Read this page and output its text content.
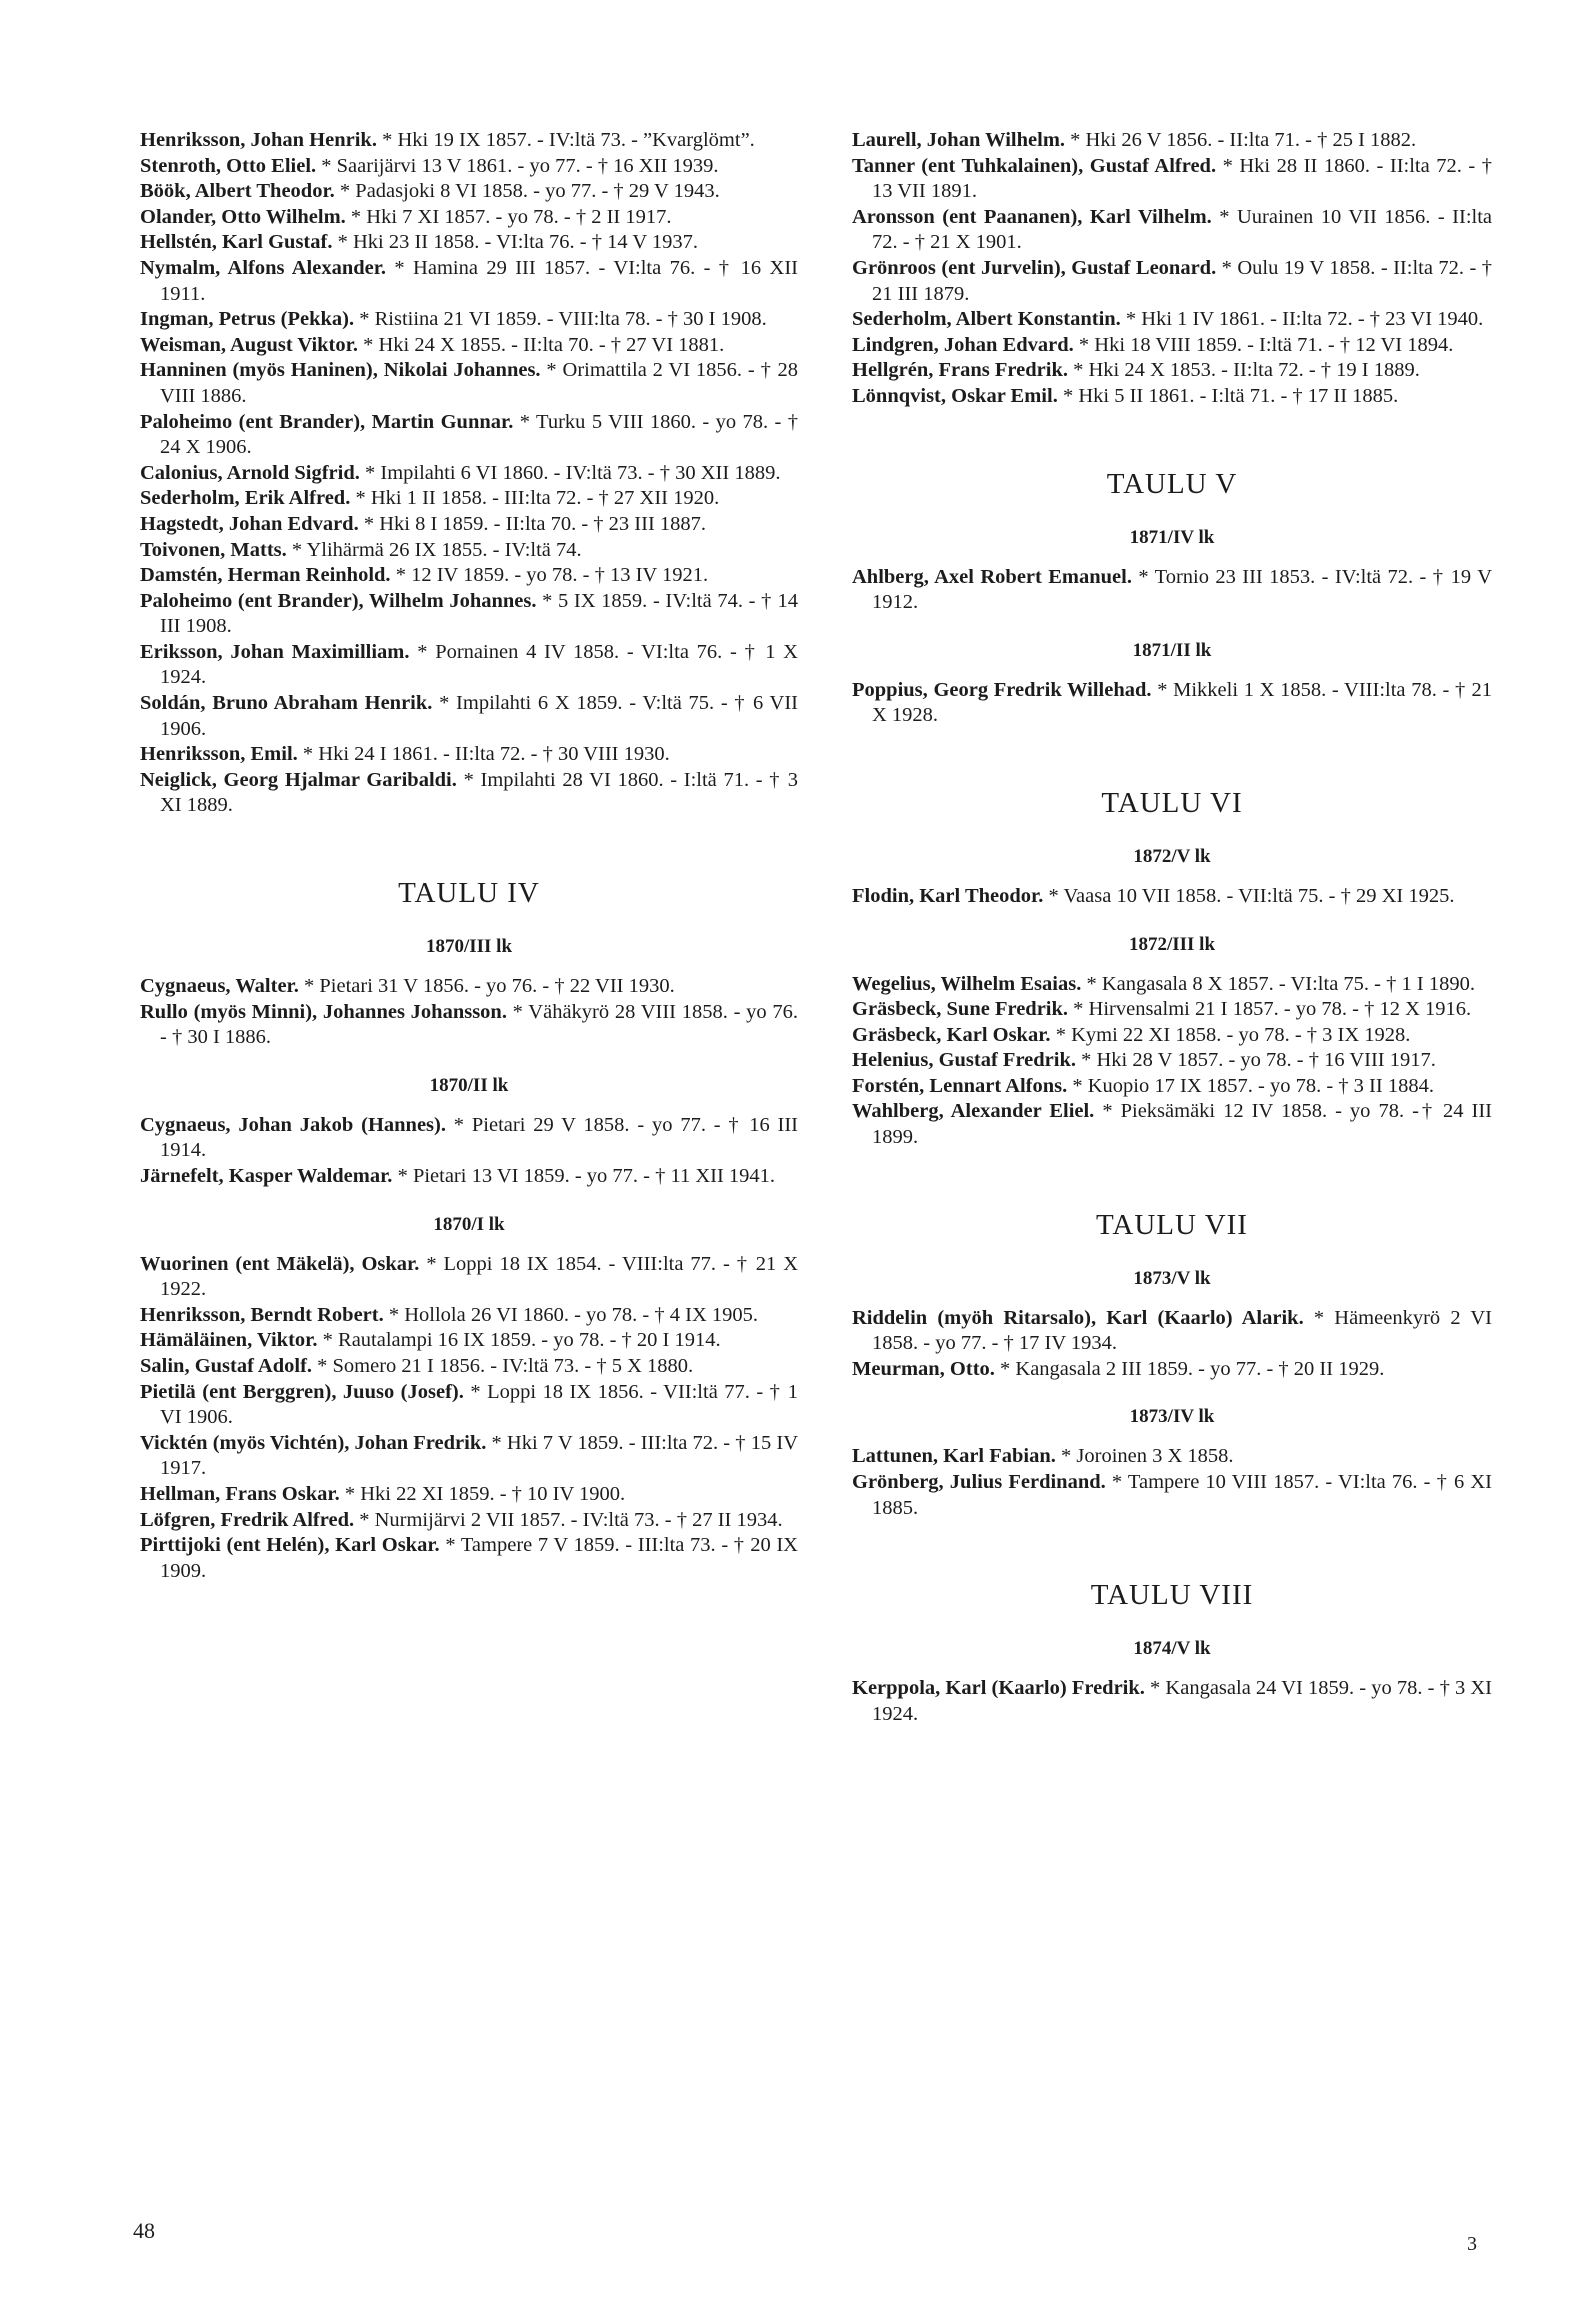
Henriksson, Johan Henrik. * Hki 19 IX 1857. - IV:ltä 73. - ”Kvarglömt”.

Stenroth, Otto Eliel. * Saarijärvi 13 V 1861. - yo 77. - † 16 XII 1939.

Böök, Albert Theodor. * Padasjoki 8 VI 1858. - yo 77. - † 29 V 1943.

Olander, Otto Wilhelm. * Hki 7 XI 1857. - yo 78. - † 2 II 1917.

Hellstén, Karl Gustaf. * Hki 23 II 1858. - VI:lta 76. - † 14 V 1937.

Nymalm, Alfons Alexander. * Hamina 29 III 1857. - VI:lta 76. - † 16 XII 1911.

Ingman, Petrus (Pekka). * Ristiina 21 VI 1859. - VIII:lta 78. - † 30 I 1908.

Weisman, August Viktor. * Hki 24 X 1855. - II:lta 70. - † 27 VI 1881.

Hanninen (myös Haninen), Nikolai Johannes. * Orimattila 2 VI 1856. - † 28 VIII 1886.

Paloheimo (ent Brander), Martin Gunnar. * Turku 5 VIII 1860. - yo 78. - † 24 X 1906.

Calonius, Arnold Sigfrid. * Impilahti 6 VI 1860. - IV:ltä 73. - † 30 XII 1889.

Sederholm, Erik Alfred. * Hki 1 II 1858. - III:lta 72. - † 27 XII 1920.

Hagstedt, Johan Edvard. * Hki 8 I 1859. - II:lta 70. - † 23 III 1887.

Toivonen, Matts. * Ylihärmä 26 IX 1855. - IV:ltä 74.

Damstén, Herman Reinhold. * 12 IV 1859. - yo 78. - † 13 IV 1921.

Paloheimo (ent Brander), Wilhelm Johannes. * 5 IX 1859. - IV:ltä 74. - † 14 III 1908.

Eriksson, Johan Maximilliam. * Pornainen 4 IV 1858. - VI:lta 76. - † 1 X 1924.

Soldán, Bruno Abraham Henrik. * Impilahti 6 X 1859. - V:ltä 75. - † 6 VII 1906.

Henriksson, Emil. * Hki 24 I 1861. - II:lta 72. - † 30 VIII 1930.

Neiglick, Georg Hjalmar Garibaldi. * Impilahti 28 VI 1860. - I:ltä 71. - † 3 XI 1889.

TAULU IV
1870/III lk

Cygnaeus, Walter. * Pietari 31 V 1856. - yo 76. - † 22 VII 1930.

Rullo (myös Minni), Johannes Johansson. * Vähäkyrö 28 VIII 1858. - yo 76. - † 30 I 1886.

1870/II lk

Cygnaeus, Johan Jakob (Hannes). * Pietari 29 V 1858. - yo 77. - † 16 III 1914.

Järnefelt, Kasper Waldemar. * Pietari 13 VI 1859. - yo 77. - † 11 XII 1941.

1870/I lk

Wuorinen (ent Mäkelä), Oskar. * Loppi 18 IX 1854. - VIII:lta 77. - † 21 X 1922.

Henriksson, Berndt Robert. * Hollola 26 VI 1860. - yo 78. - † 4 IX 1905.

Hämäläinen, Viktor. * Rautalampi 16 IX 1859. - yo 78. - † 20 I 1914.

Salin, Gustaf Adolf. * Somero 21 I 1856. - IV:ltä 73. - † 5 X 1880.

Pietilä (ent Berggren), Juuso (Josef). * Loppi 18 IX 1856. - VII:ltä 77. - † 1 VI 1906.

Vicktén (myös Vichtén), Johan Fredrik. * Hki 7 V 1859. - III:lta 72. - † 15 IV 1917.

Hellman, Frans Oskar. * Hki 22 XI 1859. - † 10 IV 1900.

Löfgren, Fredrik Alfred. * Nurmijärvi 2 VII 1857. - IV:ltä 73. - † 27 II 1934.

Pirttijoki (ent Helén), Karl Oskar. * Tampere 7 V 1859. - III:lta 73. - † 20 IX 1909.

Laurell, Johan Wilhelm. * Hki 26 V 1856. - II:lta 71. - † 25 I 1882.

Tanner (ent Tuhkalainen), Gustaf Alfred. * Hki 28 II 1860. - II:lta 72. - † 13 VII 1891.

Aronsson (ent Paananen), Karl Vilhelm. * Uurainen 10 VII 1856. - II:lta 72. - † 21 X 1901.

Grönroos (ent Jurvelin), Gustaf Leonard. * Oulu 19 V 1858. - II:lta 72. - † 21 III 1879.

Sederholm, Albert Konstantin. * Hki 1 IV 1861. - II:lta 72. - † 23 VI 1940.

Lindgren, Johan Edvard. * Hki 18 VIII 1859. - I:ltä 71. - † 12 VI 1894.

Hellgrén, Frans Fredrik. * Hki 24 X 1853. - II:lta 72. - † 19 I 1889.

Lönnqvist, Oskar Emil. * Hki 5 II 1861. - I:ltä 71. - † 17 II 1885.

TAULU V
1871/IV lk

Ahlberg, Axel Robert Emanuel. * Tornio 23 III 1853. - IV:ltä 72. - † 19 V 1912.

1871/II lk

Poppius, Georg Fredrik Willehad. * Mikkeli 1 X 1858. - VIII:lta 78. - † 21 X 1928.

TAULU VI
1872/V lk

Flodin, Karl Theodor. * Vaasa 10 VII 1858. - VII:ltä 75. - † 29 XI 1925.

1872/III lk

Wegelius, Wilhelm Esaias. * Kangasala 8 X 1857. - VI:lta 75. - † 1 I 1890.

Gräsbeck, Sune Fredrik. * Hirvensalmi 21 I 1857. - yo 78. - † 12 X 1916.

Gräsbeck, Karl Oskar. * Kymi 22 XI 1858. - yo 78. - † 3 IX 1928.

Helenius, Gustaf Fredrik. * Hki 28 V 1857. - yo 78. - † 16 VIII 1917.

Forstén, Lennart Alfons. * Kuopio 17 IX 1857. - yo 78. - † 3 II 1884.

Wahlberg, Alexander Eliel. * Pieksämäki 12 IV 1858. - yo 78. -† 24 III 1899.

TAULU VII
1873/V lk

Riddelin (myöh Ritarsalo), Karl (Kaarlo) Alarik. * Hämeenkyrö 2 VI 1858. - yo 77. - † 17 IV 1934.

Meurman, Otto. * Kangasala 2 III 1859. - yo 77. - † 20 II 1929.

1873/IV lk

Lattunen, Karl Fabian. * Joroinen 3 X 1858.

Grönberg, Julius Ferdinand. * Tampere 10 VIII 1857. - VI:lta 76. - † 6 XI 1885.

TAULU VIII
1874/V lk

Kerppola, Karl (Kaarlo) Fredrik. * Kangasala 24 VI 1859. - yo 78. - † 3 XI 1924.

48
3
